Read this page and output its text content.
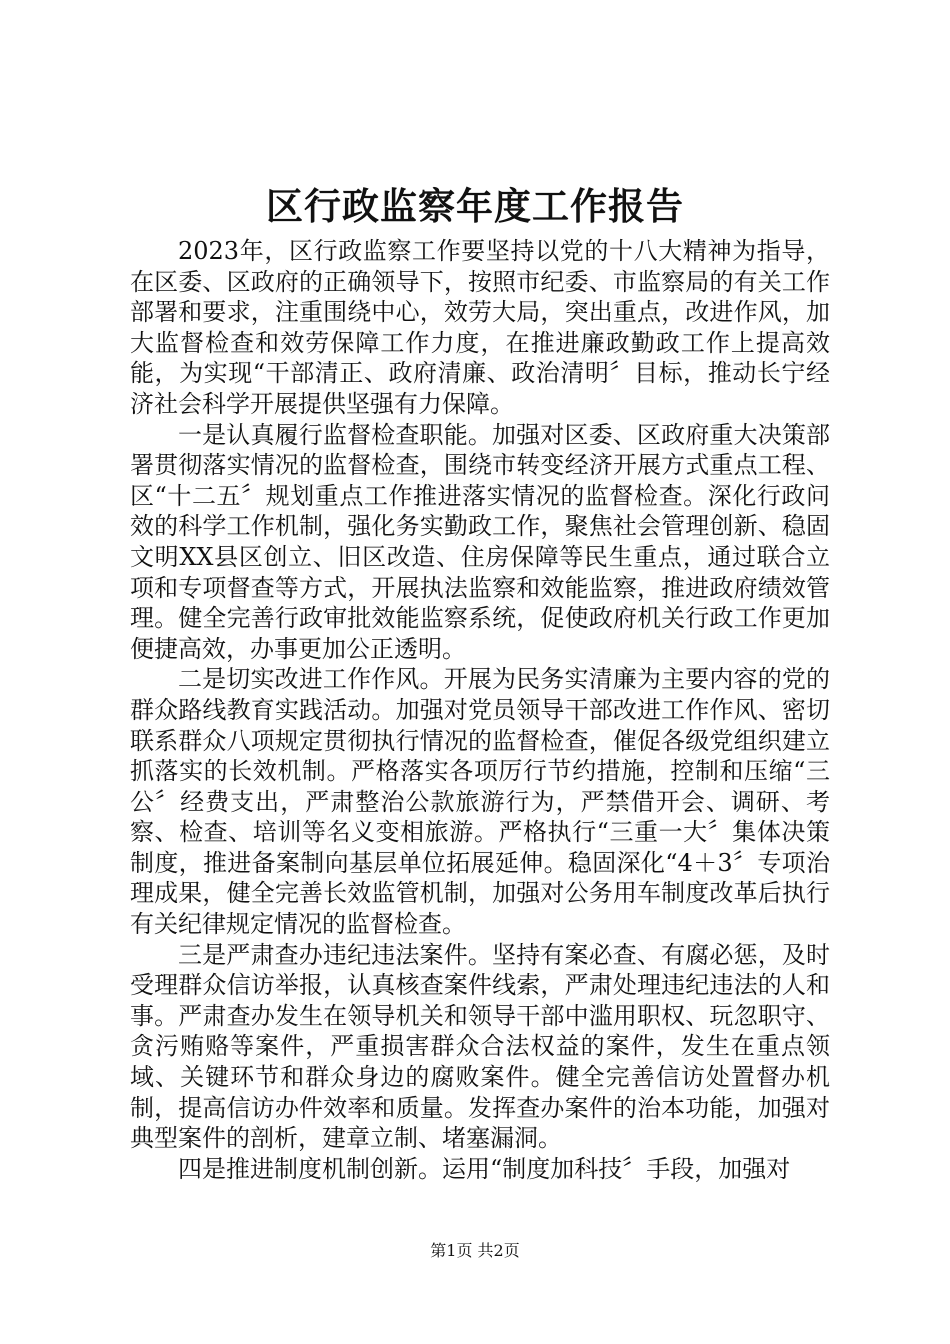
区行政监察年度工作报告

2023年，区行政监察工作要坚持以党的十八大精神为指导，在区委、区政府的正确领导下，按照市纪委、市监察局的有关工作部署和要求，注重围绕中心，效劳大局，突出重点，改进作风，加大监督检查和效劳保障工作力度，在推进廉政勤政工作上提高效能，为实现“干部清正、政府清廉、政治清明〞目标，推动长宁经济社会科学开展提供坚强有力保障。

一是认真履行监督检查职能。加强对区委、区政府重大决策部署贯彻落实情况的监督检查，围绕市转变经济开展方式重点工程、区“十二五〞规划重点工作推进落实情况的监督检查。深化行政问效的科学工作机制，强化务实勤政工作，聚焦社会管理创新、稳固文明XX县区创立、旧区改造、住房保障等民生重点，通过联合立项和专项督查等方式，开展执法监察和效能监察，推进政府绩效管理。健全完善行政审批效能监察系统，促使政府机关行政工作更加便捷高效，办事更加公正透明。

二是切实改进工作作风。开展为民务实清廉为主要内容的党的群众路线教育实践活动。加强对党员领导干部改进工作作风、密切联系群众八项规定贯彻执行情况的监督检查，催促各级党组织建立抓落实的长效机制。严格落实各项厉行节约措施，控制和压缩“三公〞经费支出，严肃整治公款旅游行为，严禁借开会、调研、考察、检查、培训等名义变相旅游。严格执行“三重一大〞集体决策制度，推进备案制向基层单位拓展延伸。稳固深化“4＋3〞专项治理成果，健全完善长效监管机制，加强对公务用车制度改革后执行有关纪律规定情况的监督检查。

三是严肃查办违纪违法案件。坚持有案必查、有腐必惩，及时受理群众信访举报，认真核查案件线索，严肃处理违纪违法的人和事。严肃查办发生在领导机关和领导干部中滥用职权、玩忽职守、贪污贿赂等案件，严重损害群众合法权益的案件，发生在重点领域、关键环节和群众身边的腐败案件。健全完善信访处置督办机制，提高信访办件效率和质量。发挥查办案件的治本功能，加强对典型案件的剖析，建章立制、堵塞漏洞。

四是推进制度机制创新。运用“制度加科技〞手段，加强对

第1页 共2页
